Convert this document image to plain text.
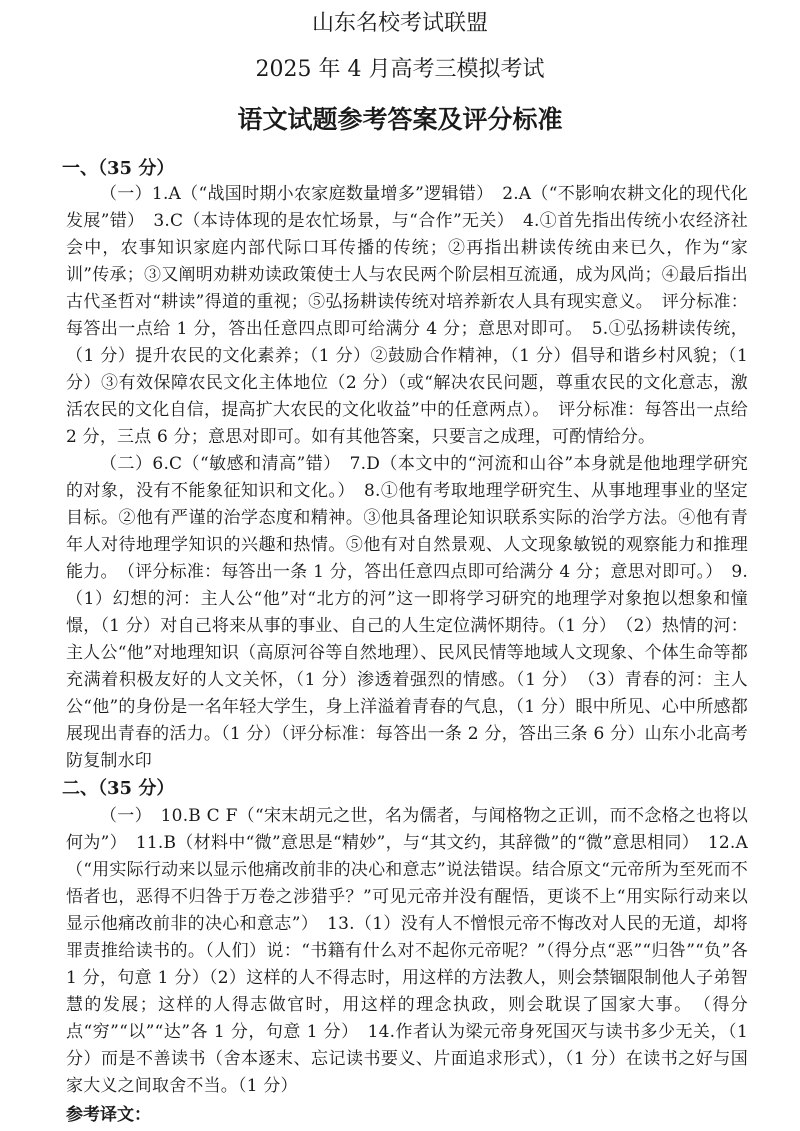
山东名校考试联盟
2025 年 4 月高考三模拟考试
语文试题参考答案及评分标准
一、（35 分）

（一）1.A（“战国时期小农家庭数量增多”逻辑错）　2.A（“不影响农耕文化的现代化发展”错）　3.C（本诗体现的是农忙场景，与“合作”无关）　4.①首先指出传统小农经济社会中，农事知识家庭内部代际口耳传播的传统；②再指出耕读传统由来已久，作为“家训”传承；③又阐明劝耕劝读政策使士人与农民两个阶层相互流通，成为风尚；④最后指出古代圣哲对“耕读”得道的重视；⑤弘扬耕读传统对培养新农人具有现实意义。　评分标准：每答出一点给 1 分，答出任意四点即可给满分 4 分；意思对即可。　5.①弘扬耕读传统，（1 分）提升农民的文化素养；（1 分）②鼓励合作精神，（1 分）倡导和谐乡村风貌；（1 分）③有效保障农民文化主体地位（2 分）（或“解决农民问题，尊重农民的文化意志，激活农民的文化自信，提高扩大农民的文化收益”中的任意两点）。　评分标准：每答出一点给 2 分，三点 6 分；意思对即可。如有其他答案，只要言之成理，可酌情给分。

（二）6.C（“敏感和清高”错）　7.D（本文中的“河流和山谷”本身就是他地理学研究的对象，没有不能象征知识和文化。）　8.①他有考取地理学研究生、从事地理事业的坚定目标。②他有严谨的治学态度和精神。③他具备理论知识联系实际的治学方法。④他有青年人对待地理学知识的兴趣和热情。⑤他有对自然景观、人文现象敏锐的观察能力和推理能力。　（评分标准：每答出一条 1 分，答出任意四点即可给满分 4 分；意思对即可。）　9.（1）幻想的河：主人公“他”对“北方的河”这一即将学习研究的地理学对象抱以想象和憧憬，（1 分）对自己将来从事的事业、自己的人生定位满怀期待。（1 分）　（2）热情的河：主人公“他”对地理知识（高原河谷等自然地理）、民风民情等地域人文现象、个体生命等都充满着积极友好的人文关怀，（1 分）渗透着强烈的情感。（1 分）　（3）青春的河：主人公“他”的身份是一名年轻大学生，身上洋溢着青春的气息，（1 分）眼中所见、心中所感都展现出青春的活力。（1 分）（评分标准：每答出一条 2 分，答出三条 6 分）山东小北高考防复制水印

二、（35 分）

（一）　10.B C F（“宋末胡元之世，名为儒者，与闻格物之正训，而不念格之也将以何为”）　11.B（材料中“微”意思是“精妙”，与“其文约，其辞微”的“微”意思相同）　12.A（“用实际行动来以显示他痛改前非的决心和意志”说法错误。结合原文“元帝所为至死而不悟者也，恶得不归咎于万卷之涉猎乎？”可见元帝并没有醒悟，更谈不上“用实际行动来以显示他痛改前非的决心和意志”）　13.（1）没有人不憎恨元帝不悔改对人民的无道，却将罪责推给读书的。（人们）说：“书籍有什么对不起你元帝呢？”（得分点“恶”“归咎”“负”各 1 分，句意 1 分）（2）这样的人不得志时，用这样的方法教人，则会禁锢限制他人子弟智慧的发展；这样的人得志做官时，用这样的理念执政，则会耽误了国家大事。　（得分点“穷”“以”“达”各 1 分，句意 1 分）　14.作者认为梁元帝身死国灭与读书多少无关，（1 分）而是不善读书（舍本逐末、忘记读书要义、片面追求形式），（1 分）在读书之好与国家大义之间取舍不当。（1 分）

参考译文：
